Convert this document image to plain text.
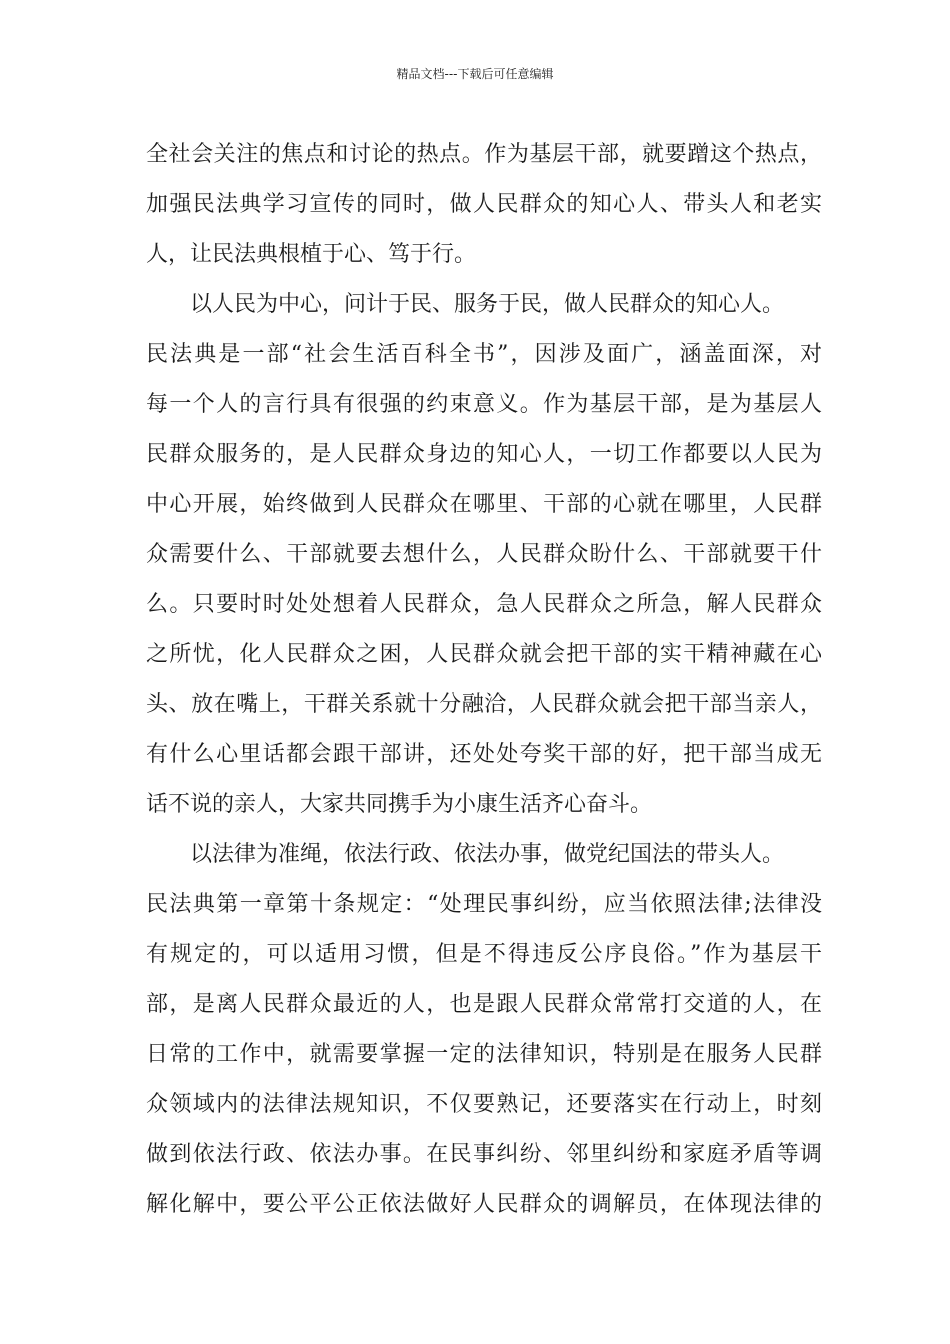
精品文档---下载后可任意编辑
全社会关注的焦点和讨论的热点。作为基层干部，就要蹭这个热点，
加强民法典学习宣传的同时，做人民群众的知心人、带头人和老实
人，让民法典根植于心、笃于行。
以人民为中心，问计于民、服务于民，做人民群众的知心人。
民法典是一部“社会生活百科全书”，因涉及面广，涵盖面深，对
每一个人的言行具有很强的约束意义。作为基层干部，是为基层人
民群众服务的，是人民群众身边的知心人，一切工作都要以人民为
中心开展，始终做到人民群众在哪里、干部的心就在哪里，人民群
众需要什么、干部就要去想什么，人民群众盼什么、干部就要干什
么。只要时时处处想着人民群众，急人民群众之所急，解人民群众
之所忧，化人民群众之困，人民群众就会把干部的实干精神藏在心
头、放在嘴上，干群关系就十分融洽，人民群众就会把干部当亲人，
有什么心里话都会跟干部讲，还处处夸奖干部的好，把干部当成无
话不说的亲人，大家共同携手为小康生活齐心奋斗。
以法律为准绳，依法行政、依法办事，做党纪国法的带头人。
民法典第一章第十条规定：“处理民事纠纷，应当依照法律;法律没
有规定的，可以适用习惯，但是不得违反公序良俗。”作为基层干
部，是离人民群众最近的人，也是跟人民群众常常打交道的人，在
日常的工作中，就需要掌握一定的法律知识，特别是在服务人民群
众领域内的法律法规知识，不仅要熟记，还要落实在行动上，时刻
做到依法行政、依法办事。在民事纠纷、邻里纠纷和家庭矛盾等调
解化解中，要公平公正依法做好人民群众的调解员，在体现法律的
